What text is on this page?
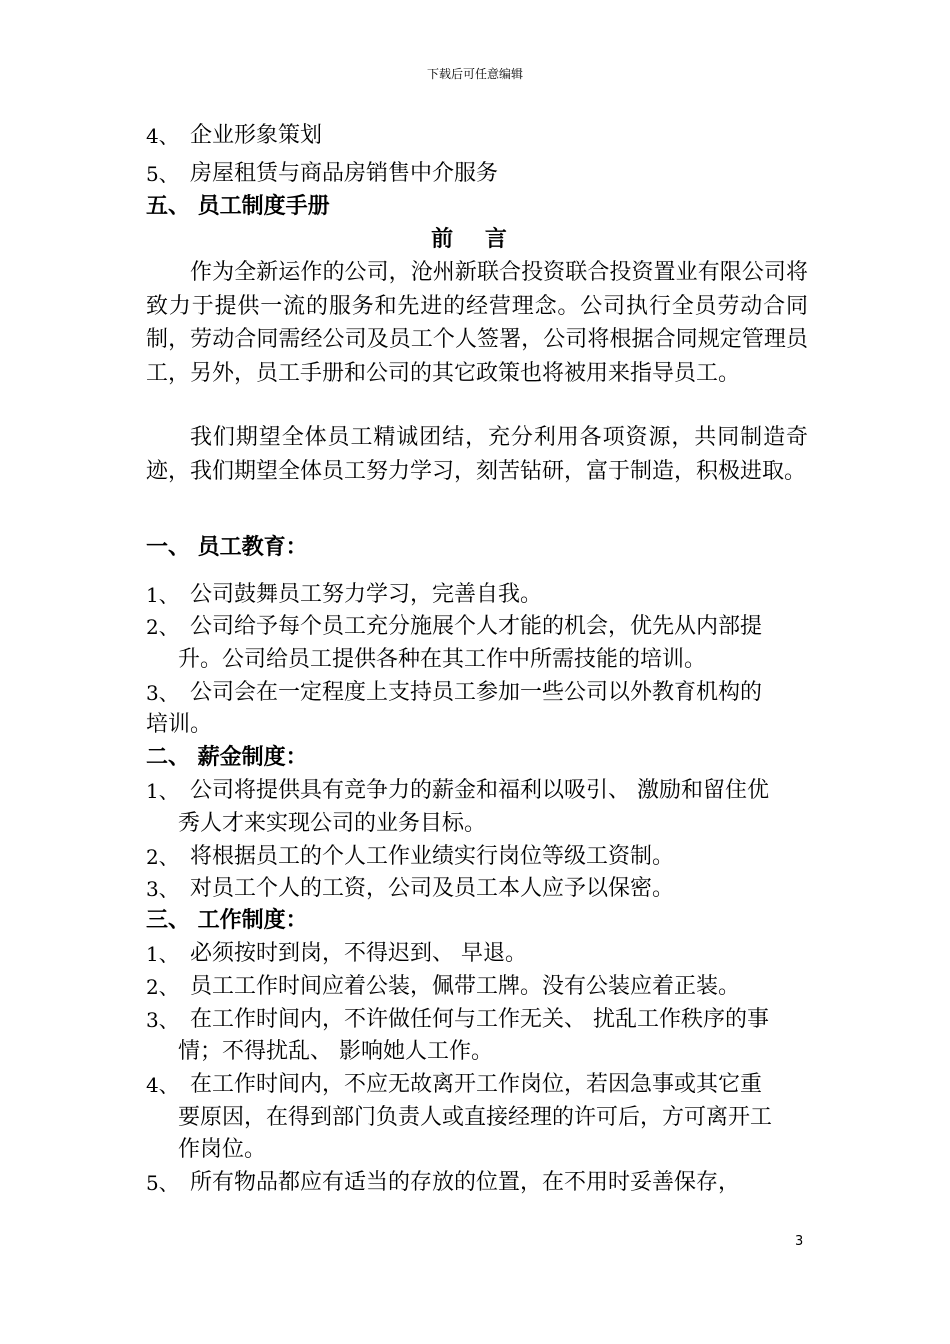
下载后可任意编辑
4、 企业形象策划
5、 房屋租赁与商品房销售中介服务
五、 员工制度手册
前 言
作为全新运作的公司，沧州新联合投资联合投资置业有限公司将致力于提供一流的服务和先进的经营理念。公司执行全员劳动合同制，劳动合同需经公司及员工个人签署，公司将根据合同规定管理员工，另外，员工手册和公司的其它政策也将被用来指导员工。
我们期望全体员工精诚团结，充分利用各项资源，共同制造奇迹，我们期望全体员工努力学习，刻苦钻研，富于制造，积极进取。
一、 员工教育：
1、 公司鼓舞员工努力学习，完善自我。
2、 公司给予每个员工充分施展个人才能的机会，优先从内部提
升。公司给员工提供各种在其工作中所需技能的培训。
3、 公司会在一定程度上支持员工参加一些公司以外教育机构的
培训。
二、 薪金制度：
1、 公司将提供具有竞争力的薪金和福利以吸引、 激励和留住优
秀人才来实现公司的业务目标。
2、 将根据员工的个人工作业绩实行岗位等级工资制。
3、 对员工个人的工资，公司及员工本人应予以保密。
三、 工作制度：
1、 必须按时到岗，不得迟到、 早退。
2、 员工工作时间应着公装，佩带工牌。没有公装应着正装。
3、 在工作时间内，不许做任何与工作无关、 扰乱工作秩序的事
情；不得扰乱、 影响她人工作。
4、 在工作时间内，不应无故离开工作岗位，若因急事或其它重
要原因，在得到部门负责人或直接经理的许可后，方可离开工
作岗位。
5、 所有物品都应有适当的存放的位置，在不用时妥善保存，
3
